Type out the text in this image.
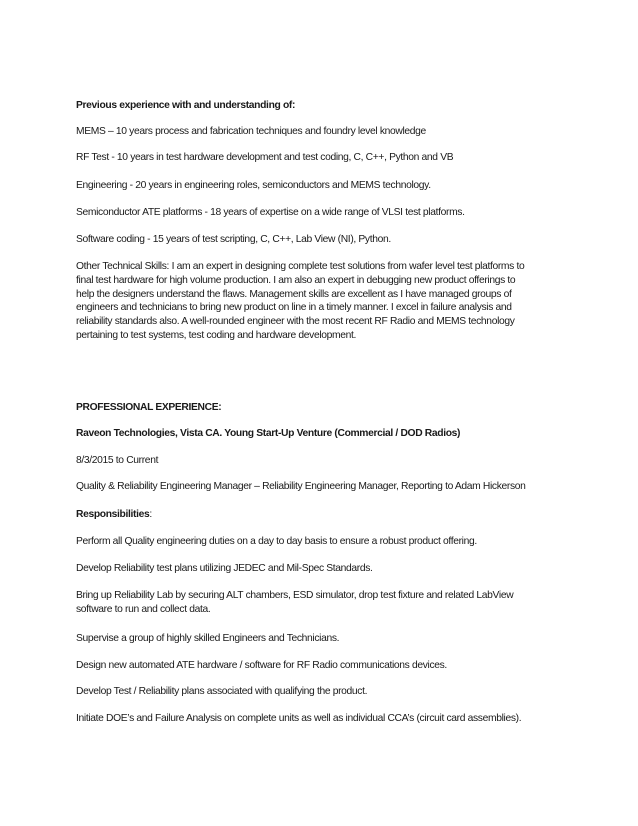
Previous experience with and understanding of:

MEMS – 10 years process and fabrication techniques and foundry level knowledge

RF Test - 10 years in test hardware development and test coding, C, C++, Python and VB

Engineering - 20 years in engineering roles, semiconductors and MEMS technology.

Semiconductor ATE platforms - 18 years of expertise on a wide range of VLSI test platforms.

Software coding - 15 years of test scripting, C, C++, Lab View (NI), Python.

Other Technical Skills: I am an expert in designing complete test solutions from wafer level test platforms to
final test hardware for high volume production. I am also an expert in debugging new product offerings to
help the designers understand the flaws. Management skills are excellent as I have managed groups of
engineers and technicians to bring new product on line in a timely manner. I excel in failure analysis and
reliability standards also. A well-rounded engineer with the most recent RF Radio and MEMS technology
pertaining to test systems, test coding and hardware development.

PROFESSIONAL EXPERIENCE:

Raveon Technologies, Vista CA. Young Start-Up Venture (Commercial / DOD Radios)

8/3/2015 to Current

Quality & Reliability Engineering Manager – Reliability Engineering Manager, Reporting to Adam Hickerson

Responsibilities:

Perform all Quality engineering duties on a day to day basis to ensure a robust product offering.

Develop Reliability test plans utilizing JEDEC and Mil-Spec Standards.

Bring up Reliability Lab by securing ALT chambers, ESD simulator, drop test fixture and related LabView
software to run and collect data.

Supervise a group of highly skilled Engineers and Technicians.

Design new automated ATE hardware / software for RF Radio communications devices.

Develop Test / Reliability plans associated with qualifying the product.

Initiate DOE’s and Failure Analysis on complete units as well as individual CCA’s (circuit card assemblies).
